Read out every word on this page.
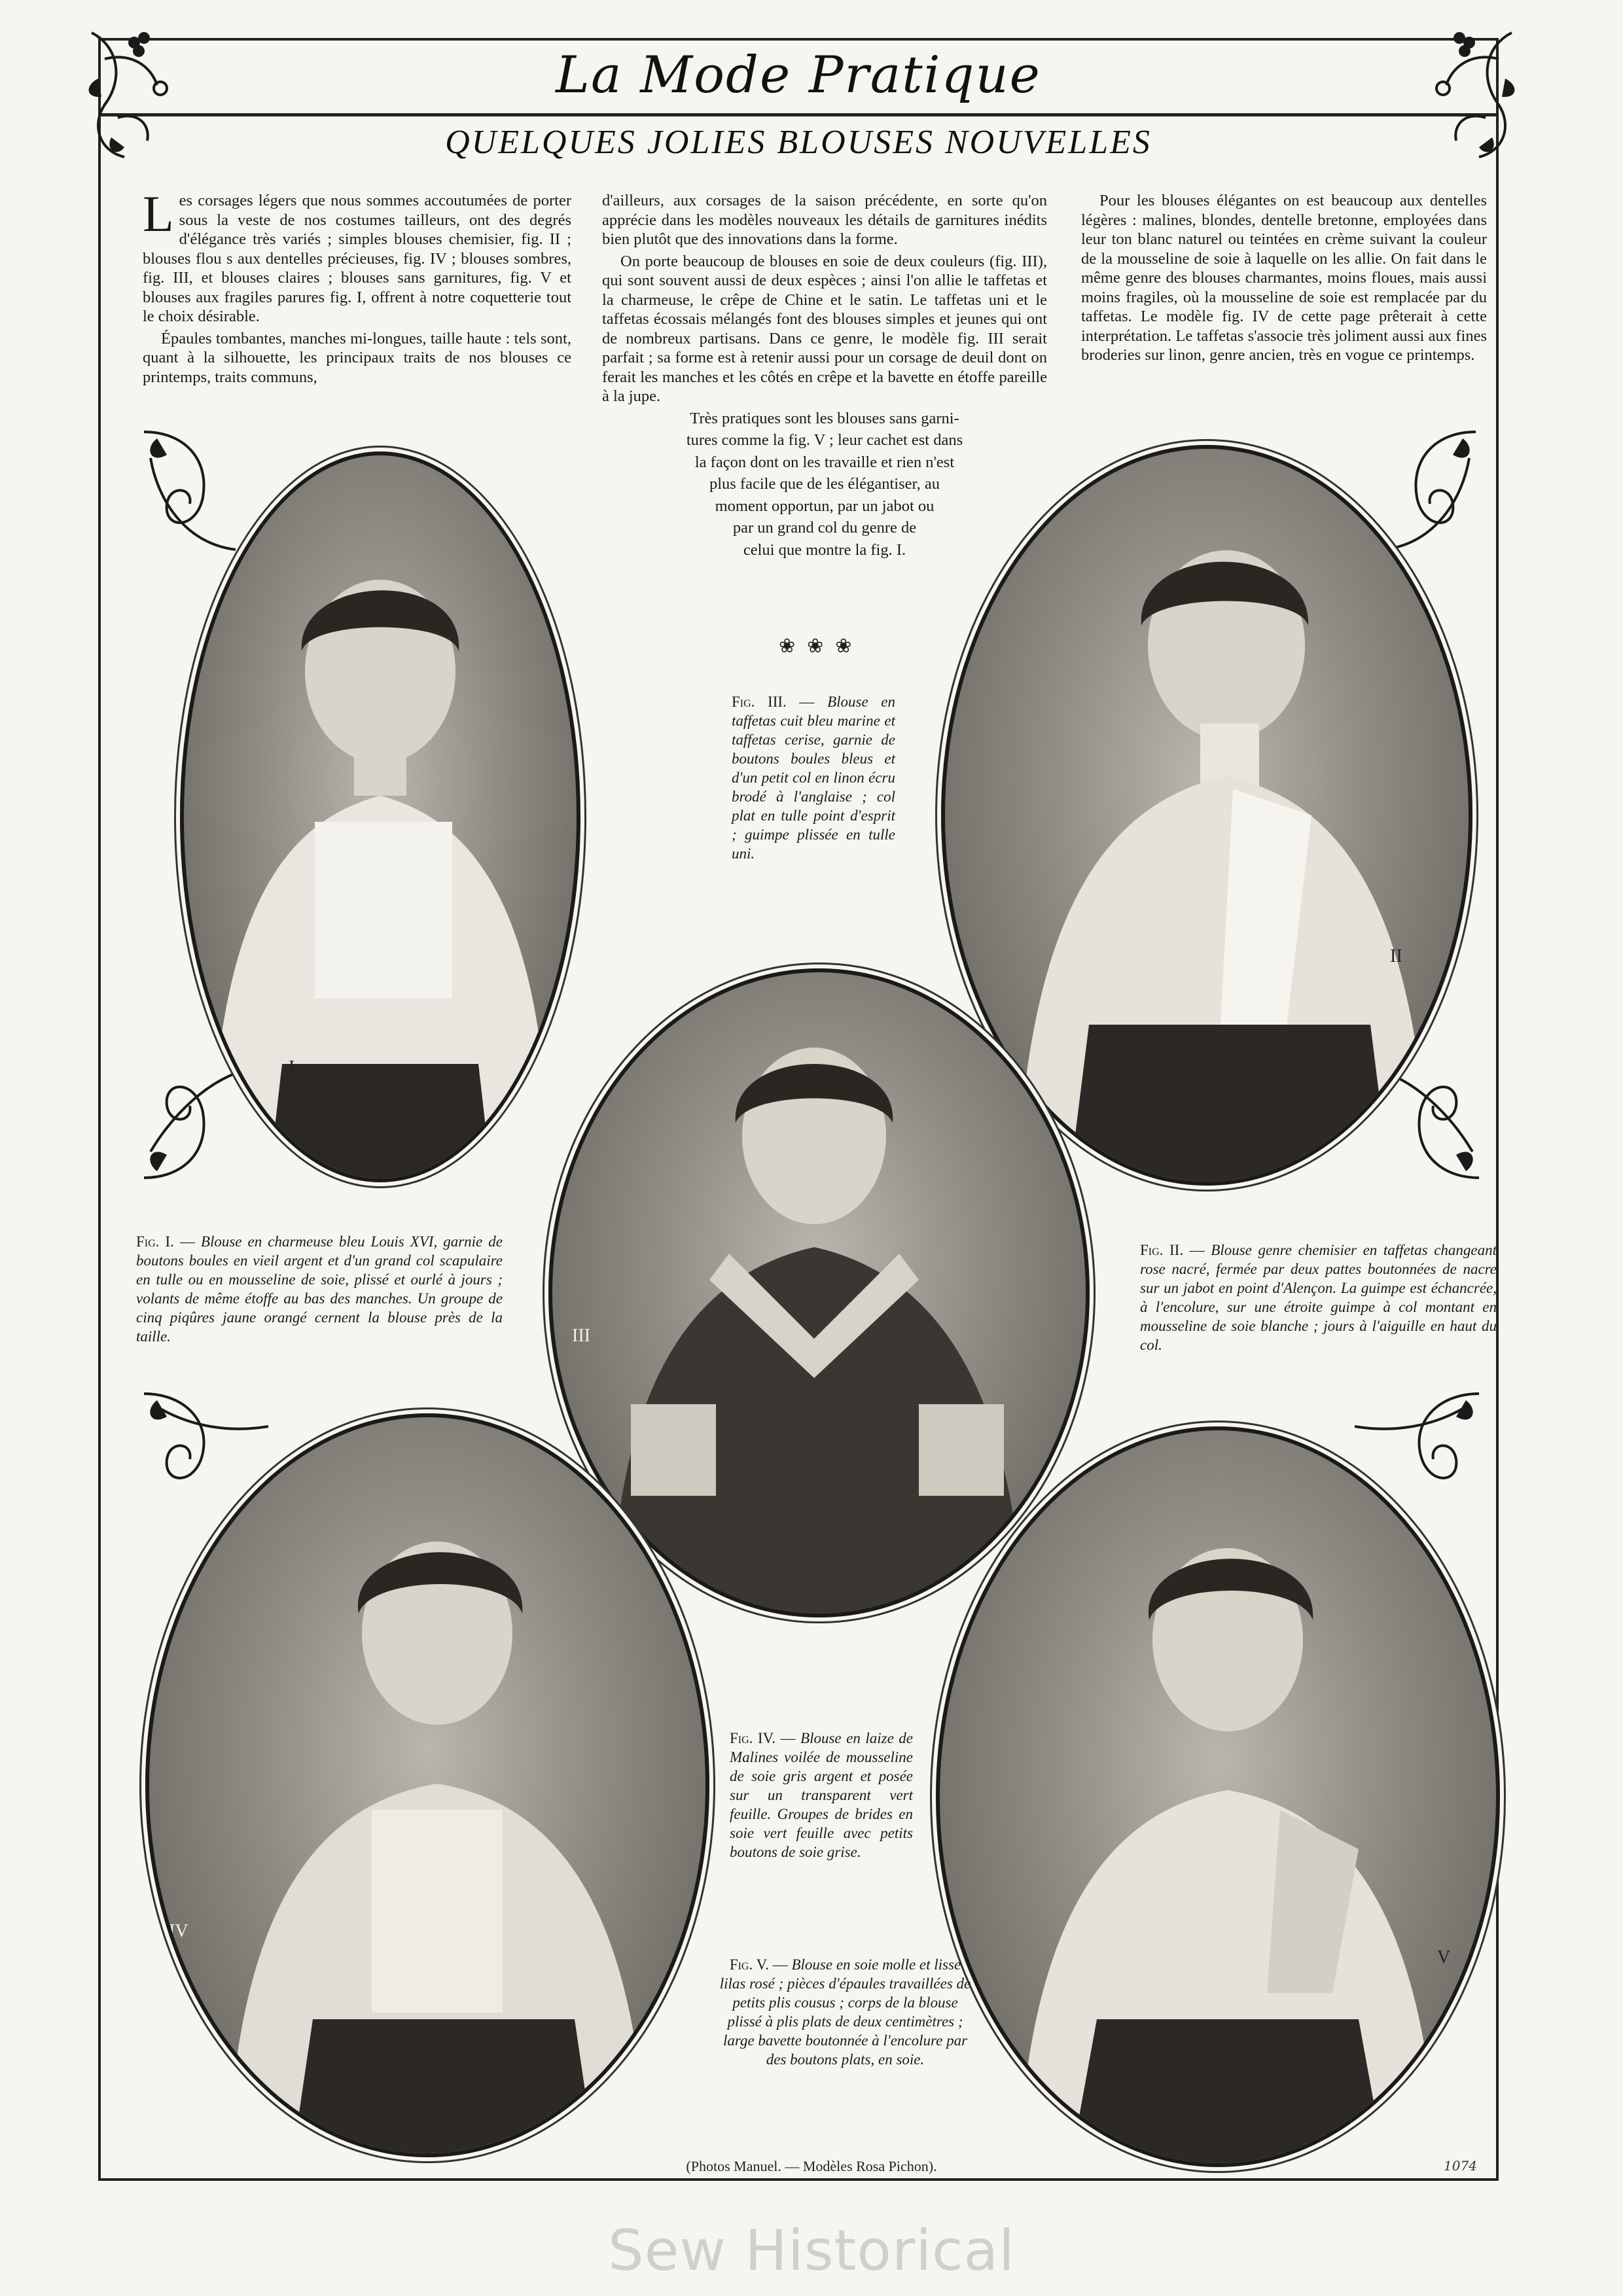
La Mode Pratique
QUELQUES JOLIES BLOUSES NOUVELLES

Les corsages légers que nous sommes accoutumées de porter sous la veste de nos costumes tailleurs, ont des degrés d'élégance très variés ; simples blouses chemisier, fig. II ; blouses flou s aux dentelles précieuses, fig. IV ; blouses sombres, fig. III, et blouses claires ; blouses sans garnitures, fig. V et blouses aux fragiles parures fig. I, offrent à notre coquetterie tout le choix désirable.

Épaules tombantes, manches mi-longues, taille haute : tels sont, quant à la silhouette, les principaux traits de nos blouses ce printemps, traits communs,

d'ailleurs, aux corsages de la saison précédente, en sorte qu'on apprécie dans les modèles nouveaux les détails de garnitures inédits bien plutôt que des innovations dans la forme.

On porte beaucoup de blouses en soie de deux couleurs (fig. III), qui sont souvent aussi de deux espèces ; ainsi l'on allie le taffetas et la charmeuse, le crêpe de Chine et le satin. Le taffetas uni et le taffetas écossais mélangés font des blouses simples et jeunes qui ont de nombreux partisans. Dans ce genre, le modèle fig. III serait parfait ; sa forme est à retenir aussi pour un corsage de deuil dont on ferait les manches et les côtés en crêpe et la bavette en étoffe pareille à la jupe.

Très pratiques sont les blouses sans garni-

tures comme la fig. V ; leur cachet est dans

la façon dont on les travaille et rien n'est

plus facile que de les élégantiser, au

moment opportun, par un jabot ou

par un grand col du genre de

celui que montre la fig. I.

Pour les blouses élégantes on est beaucoup aux dentelles légères : malines, blondes, dentelle bretonne, employées dans leur ton blanc naturel ou teintées en crème suivant la couleur de la mousseline de soie à laquelle on les allie. On fait dans le même genre des blouses charmantes, moins floues, mais aussi moins fragiles, où la mousseline de soie est remplacée par du taffetas. Le modèle fig. IV de cette page prêterait à cette interprétation. Le taffetas s'associe très joliment aussi aux fines broderies sur linon, genre ancien, très en vogue ce printemps.

I
II
III
IV
V
❀❀❀
Fig. III. — Blouse en taffetas cuit bleu marine et taffetas cerise, garnie de boutons boules bleus et d'un petit col en linon écru brodé à l'anglaise ; col plat en tulle point d'esprit ; guimpe plissée en tulle uni.
Fig. I. — Blouse en charmeuse bleu Louis XVI, garnie de boutons boules en vieil argent et d'un grand col scapulaire en tulle ou en mousseline de soie, plissé et ourlé à jours ; volants de même étoffe au bas des manches. Un groupe de cinq piqûres jaune orangé cernent la blouse près de la taille.
Fig. II. — Blouse genre chemisier en taffetas changeant rose nacré, fermée par deux pattes boutonnées de nacre sur un jabot en point d'Alençon. La guimpe est échancrée, à l'encolure, sur une étroite guimpe à col montant en mousseline de soie blanche ; jours à l'aiguille en haut du col.
Fig. IV. — Blouse en laize de Malines voilée de mousseline de soie gris argent et posée sur un transparent vert feuille. Groupes de brides en soie vert feuille avec petits boutons de soie grise.
Fig. V. — Blouse en soie molle et lisse lilas rosé ; pièces d'épaules travaillées de petits plis cousus ; corps de la blouse plissé à plis plats de deux centimètres ; large bavette boutonnée à l'encolure par des boutons plats, en soie.
(Photos Manuel. — Modèles Rosa Pichon).	1074
Sew Historical
